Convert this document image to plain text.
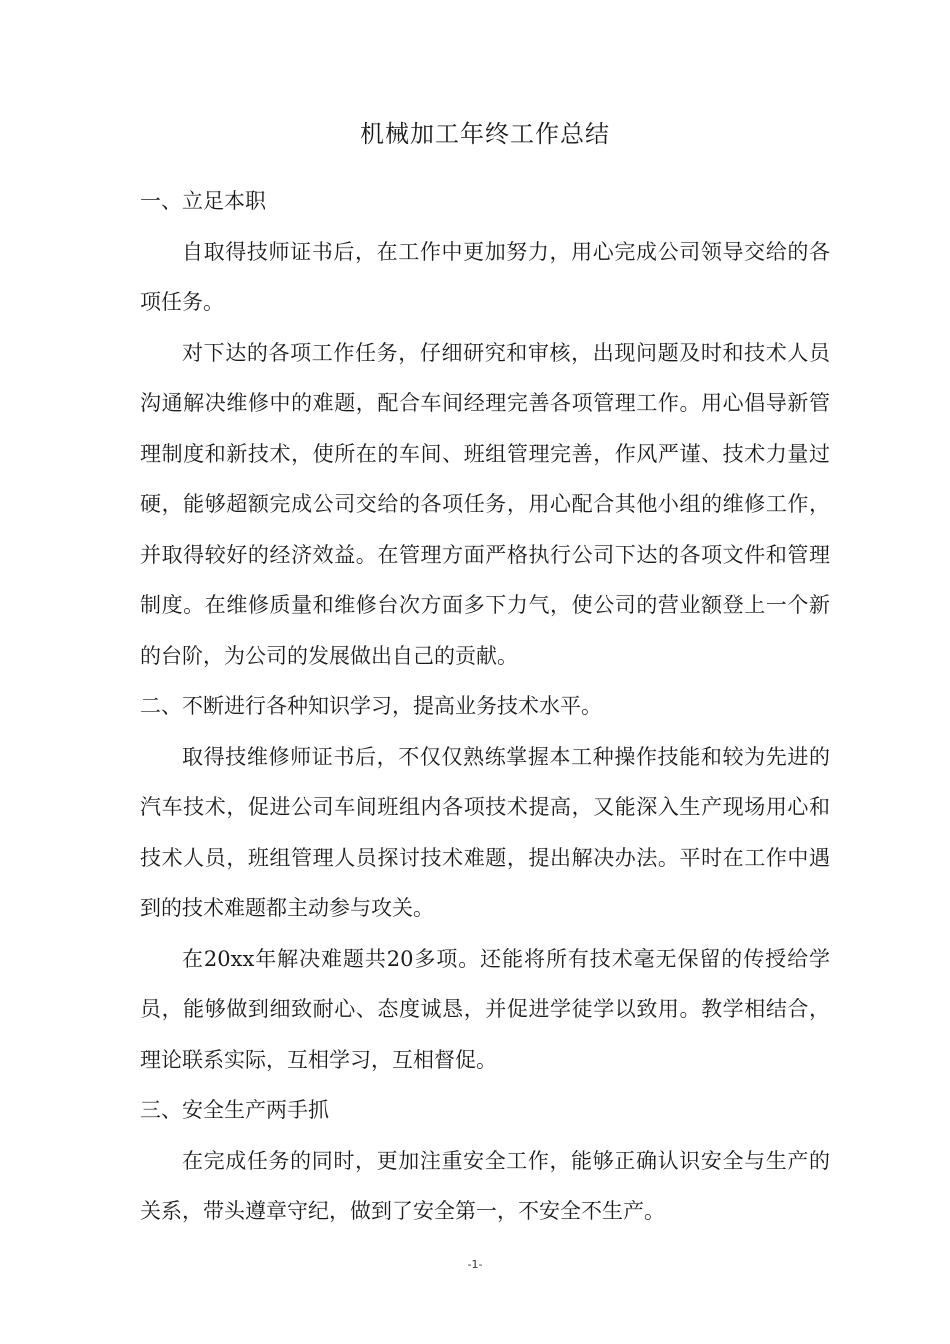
机械加工年终工作总结

一、立足本职

自取得技师证书后，在工作中更加努力，用心完成公司领导交给的各项任务。

对下达的各项工作任务，仔细研究和审核，出现问题及时和技术人员沟通解决维修中的难题，配合车间经理完善各项管理工作。用心倡导新管理制度和新技术，使所在的车间、班组管理完善，作风严谨、技术力量过硬，能够超额完成公司交给的各项任务，用心配合其他小组的维修工作，并取得较好的经济效益。在管理方面严格执行公司下达的各项文件和管理制度。在维修质量和维修台次方面多下力气，使公司的营业额登上一个新的台阶，为公司的发展做出自己的贡献。

二、不断进行各种知识学习，提高业务技术水平。

取得技维修师证书后，不仅仅熟练掌握本工种操作技能和较为先进的汽车技术，促进公司车间班组内各项技术提高，又能深入生产现场用心和技术人员，班组管理人员探讨技术难题，提出解决办法。平时在工作中遇到的技术难题都主动参与攻关。

在20xx年解决难题共20多项。还能将所有技术毫无保留的传授给学员，能够做到细致耐心、态度诚恳，并促进学徒学以致用。教学相结合，理论联系实际，互相学习，互相督促。

三、安全生产两手抓

在完成任务的同时，更加注重安全工作，能够正确认识安全与生产的关系，带头遵章守纪，做到了安全第一，不安全不生产。

-1-
